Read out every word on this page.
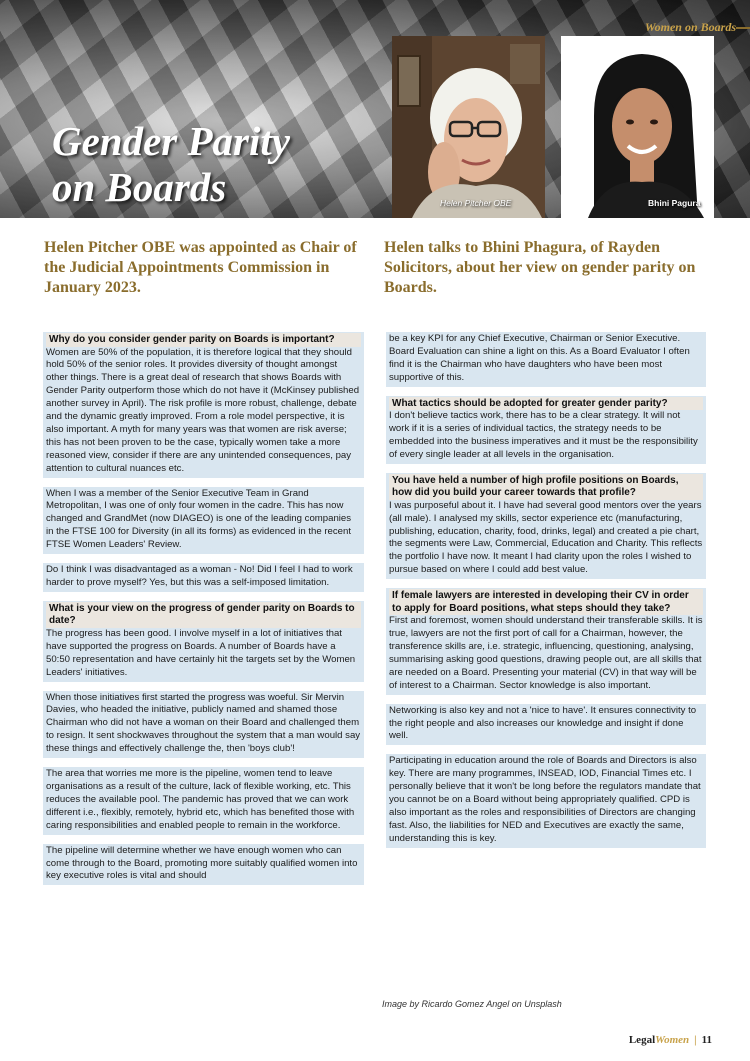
Women on Boards
Gender Parity
on Boards	Helen Pitcher OBE	Bhini Pagura
Helen Pitcher OBE was appointed as Chair of the Judicial Appointments Commission in January 2023.
Helen talks to Bhini Phagura, of Rayden Solicitors, about her view on gender parity on Boards.
Why do you consider gender parity on Boards is important?

Women are 50% of the population, it is therefore logical that they should hold 50% of the senior roles. It provides diversity of thought amongst other things. There is a great deal of research that shows Boards with Gender Parity outperform those which do not have it (McKinsey published another survey in April). The risk profile is more robust, challenge, debate and the dynamic greatly improved. From a role model perspective, it is also important. A myth for many years was that women are risk averse; this has not been proven to be the case, typically women take a more reasoned view, consider if there are any unintended consequences, pay attention to cultural nuances etc.

When I was a member of the Senior Executive Team in Grand Metropolitan, I was one of only four women in the cadre. This has now changed and GrandMet (now DIAGEO) is one of the leading companies in the FTSE 100 for Diversity (in all its forms) as evidenced in the recent FTSE Women Leaders' Review.

Do I think I was disadvantaged as a woman - No! Did I feel I had to work harder to prove myself? Yes, but this was a self-imposed limitation.

What is your view on the progress of gender parity on Boards to date?

The progress has been good. I involve myself in a lot of initiatives that have supported the progress on Boards. A number of Boards have a 50:50 representation and have certainly hit the targets set by the Women Leaders' initiatives.

When those initiatives first started the progress was woeful. Sir Mervin Davies, who headed the initiative, publicly named and shamed those Chairman who did not have a woman on their Board and challenged them to resign. It sent shockwaves throughout the system that a man would say these things and effectively challenge the, then 'boys club'!

The area that worries me more is the pipeline, women tend to leave organisations as a result of the culture, lack of flexible working, etc. This reduces the available pool. The pandemic has proved that we can work different i.e., flexibly, remotely, hybrid etc, which has benefited those with caring responsibilities and enabled people to remain in the workforce.

The pipeline will determine whether we have enough women who can come through to the Board, promoting more suitably qualified women into key executive roles is vital and should

be a key KPI for any Chief Executive, Chairman or Senior Executive. Board Evaluation can shine a light on this. As a Board Evaluator I often find it is the Chairman who have daughters who have been most supportive of this.

What tactics should be adopted for greater gender parity?

I don't believe tactics work, there has to be a clear strategy. It will not work if it is a series of individual tactics, the strategy needs to be embedded into the business imperatives and it must be the responsibility of every single leader at all levels in the organisation.

You have held a number of high profile positions on Boards, how did you build your career towards that profile?

I was purposeful about it. I have had several good mentors over the years (all male). I analysed my skills, sector experience etc (manufacturing, publishing, education, charity, food, drinks, legal) and created a pie chart, the segments were Law, Commercial, Education and Charity. This reflects the portfolio I have now. It meant I had clarity upon the roles I wished to pursue based on where I could add best value.

If female lawyers are interested in developing their CV in order to apply for Board positions, what steps should they take?

First and foremost, women should understand their transferable skills. It is true, lawyers are not the first port of call for a Chairman, however, the transference skills are, i.e. strategic, influencing, questioning, analysing, summarising asking good questions, drawing people out, are all skills that are needed on a Board. Presenting your material (CV) in that way will be of interest to a Chairman. Sector knowledge is also important.

Networking is also key and not a 'nice to have'. It ensures connectivity to the right people and also increases our knowledge and insight if done well.

Participating in education around the role of Boards and Directors is also key. There are many programmes, INSEAD, IOD, Financial Times etc. I personally believe that it won't be long before the regulators mandate that you cannot be on a Board without being appropriately qualified. CPD is also important as the roles and responsibilities of Directors are changing fast. Also, the liabilities for NED and Executives are exactly the same, understanding this is key.

Image by Ricardo Gomez Angel on Unsplash
LegalWomen | 11
